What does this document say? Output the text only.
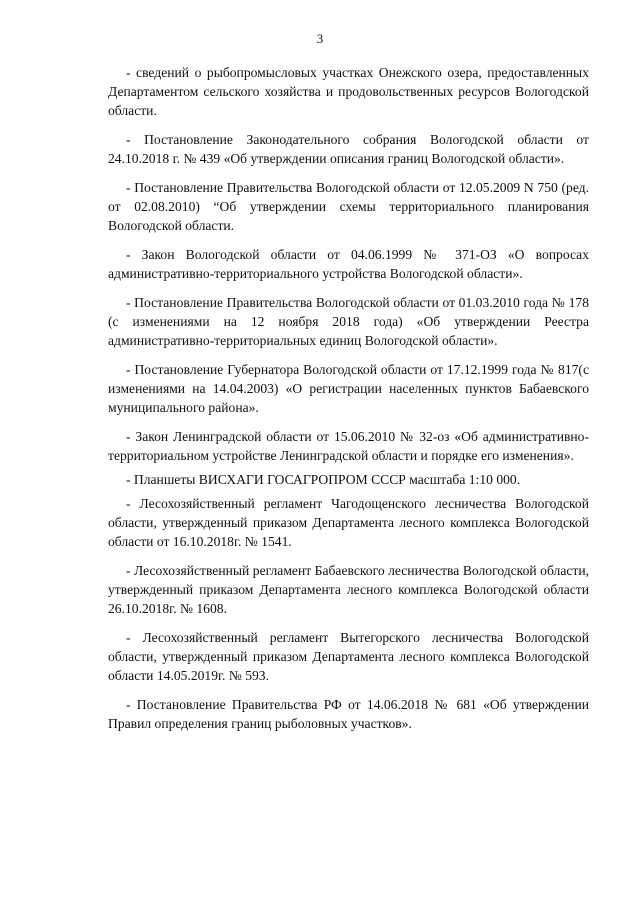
3

- сведений о рыбопромысловых участках Онежского озера, предоставленных Департаментом сельского хозяйства и продовольственных ресурсов Вологодской области.

- Постановление Законодательного собрания Вологодской области от 24.10.2018 г. № 439 «Об утверждении описания границ Вологодской области».

- Постановление Правительства Вологодской области от 12.05.2009 N 750 (ред. от 02.08.2010) “Об утверждении схемы территориального планирования Вологодской области.

- Закон Вологодской области от 04.06.1999 № 371-ОЗ «О вопросах административно-территориального устройства Вологодской области».

- Постановление Правительства Вологодской области от 01.03.2010 года № 178 (с изменениями на 12 ноября 2018 года) «Об утверждении Реестра административно-территориальных единиц Вологодской области».

- Постановление Губернатора Вологодской области от 17.12.1999 года № 817(с изменениями на 14.04.2003) «О регистрации населенных пунктов Бабаевского муниципального района».

- Закон Ленинградской области от 15.06.2010 № 32-оз «Об административно-территориальном устройстве Ленинградской области и порядке его изменения».

- Планшеты ВИСХАГИ ГОСАГРОПРОМ СССР масштаба 1:10 000.

- Лесохозяйственный регламент Чагодощенского лесничества Вологодской области, утвержденный приказом Департамента лесного комплекса Вологодской области от 16.10.2018г. № 1541.

- Лесохозяйственный регламент Бабаевского лесничества Вологодской области, утвержденный приказом Департамента лесного комплекса Вологодской области 26.10.2018г. № 1608.

- Лесохозяйственный регламент Вытегорского лесничества Вологодской области, утвержденный приказом Департамента лесного комплекса Вологодской области 14.05.2019г. № 593.

- Постановление Правительства РФ от 14.06.2018 № 681 «Об утверждении Правил определения границ рыболовных участков».
